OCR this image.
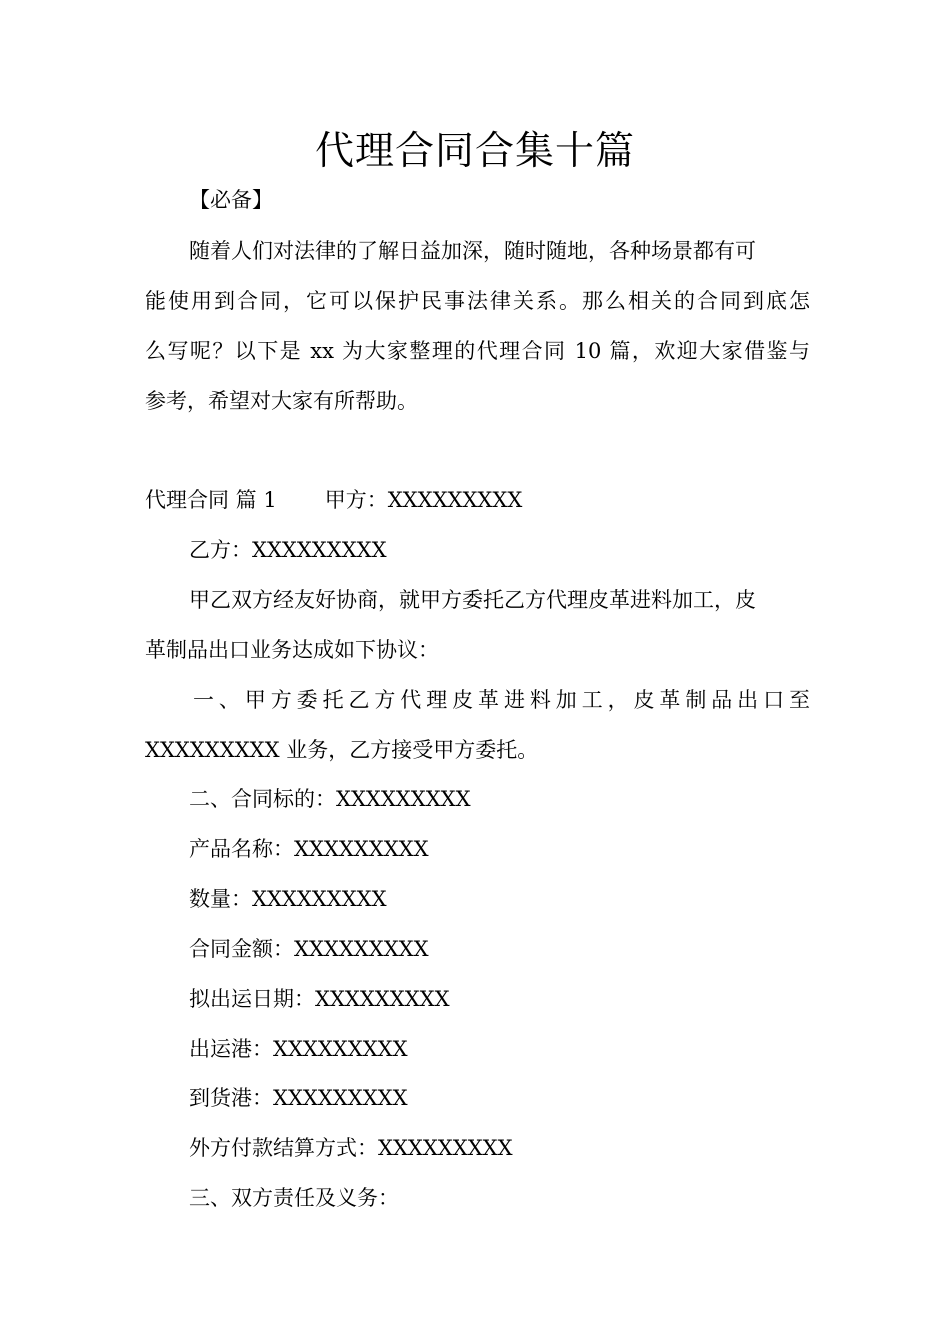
代理合同合集十篇
【必备】
随着人们对法律的了解日益加深，随时随地，各种场景都有可
能使用到合同，它可以保护民事法律关系。那么相关的合同到底怎
么写呢？以下是 xx 为大家整理的代理合同 10 篇，欢迎大家借鉴与
参考，希望对大家有所帮助。
代理合同 篇 1 甲方：XXXXXXXXX
乙方：XXXXXXXXX
甲乙双方经友好协商，就甲方委托乙方代理皮革进料加工，皮
革制品出口业务达成如下协议：
一、甲方委托乙方代理皮革进料加工，皮革制品出口至
XXXXXXXXX 业务，乙方接受甲方委托。
二、合同标的：XXXXXXXXX
产品名称：XXXXXXXXX
数量：XXXXXXXXX
合同金额：XXXXXXXXX
拟出运日期：XXXXXXXXX
出运港：XXXXXXXXX
到货港：XXXXXXXXX
外方付款结算方式：XXXXXXXXX
三、双方责任及义务：
